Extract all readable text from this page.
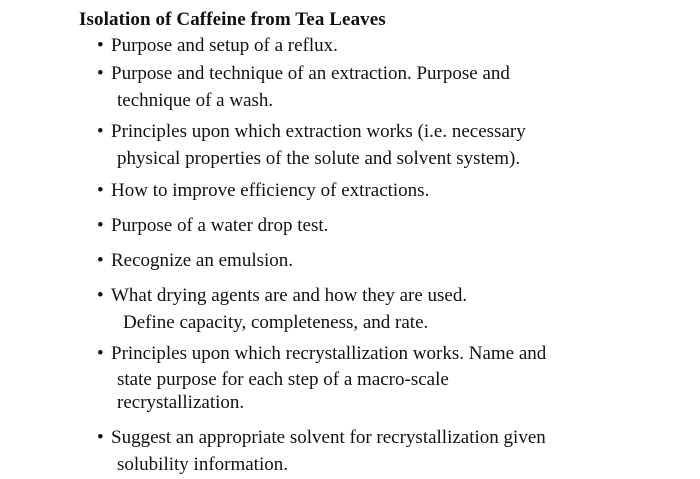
Isolation of Caffeine from Tea Leaves
• Purpose and setup of a reflux.
• Purpose and technique of an extraction. Purpose and
technique of a wash.
• Principles upon which extraction works (i.e. necessary
physical properties of the solute and solvent system).
• How to improve efficiency of extractions.
• Purpose of a water drop test.
• Recognize an emulsion.
• What drying agents are and how they are used.
Define capacity, completeness, and rate.
• Principles upon which recrystallization works. Name and
state purpose for each step of a macro-scale
recrystallization.
• Suggest an appropriate solvent for recrystallization given
solubility information.
